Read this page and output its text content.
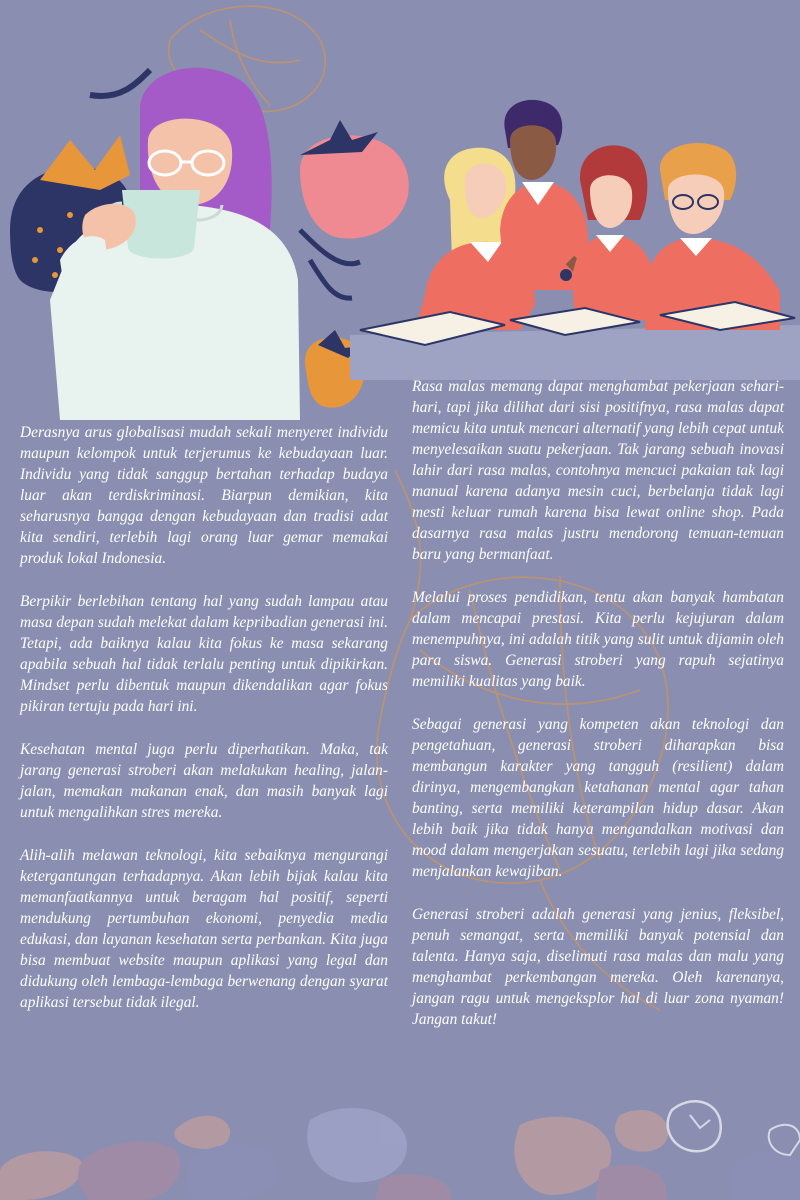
Derasnya arus globalisasi mudah sekali menyeret individu maupun kelompok untuk terjerumus ke kebudayaan luar. Individu yang tidak sanggup bertahan terhadap budaya luar akan terdiskriminasi. Biarpun demikian, kita seharusnya bangga dengan kebudayaan dan tradisi adat kita sendiri, terlebih lagi orang luar gemar memakai produk lokal Indonesia.

Berpikir berlebihan tentang hal yang sudah lampau atau masa depan sudah melekat dalam kepribadian generasi ini. Tetapi, ada baiknya kalau kita fokus ke masa sekarang apabila sebuah hal tidak terlalu penting untuk dipikirkan. Mindset perlu dibentuk maupun dikendalikan agar fokus pikiran tertuju pada hari ini.

Kesehatan mental juga perlu diperhatikan. Maka, tak jarang generasi stroberi akan melakukan healing, jalan-jalan, memakan makanan enak, dan masih banyak lagi untuk mengalihkan stres mereka.

Alih-alih melawan teknologi, kita sebaiknya mengurangi ketergantungan terhadapnya. Akan lebih bijak kalau kita memanfaatkannya untuk beragam hal positif, seperti mendukung pertumbuhan ekonomi, penyedia media edukasi, dan layanan kesehatan serta perbankan. Kita juga bisa membuat website maupun aplikasi yang legal dan didukung oleh lembaga-lembaga berwenang dengan syarat aplikasi tersebut tidak ilegal.

Rasa malas memang dapat menghambat pekerjaan sehari-hari, tapi jika dilihat dari sisi positifnya, rasa malas dapat memicu kita untuk mencari alternatif yang lebih cepat untuk menyelesaikan suatu pekerjaan. Tak jarang sebuah inovasi lahir dari rasa malas, contohnya mencuci pakaian tak lagi manual karena adanya mesin cuci, berbelanja tidak lagi mesti keluar rumah karena bisa lewat online shop. Pada dasarnya rasa malas justru mendorong temuan-temuan baru yang bermanfaat.

Melalui proses pendidikan, tentu akan banyak hambatan dalam mencapai prestasi. Kita perlu kejujuran dalam menempuhnya, ini adalah titik yang sulit untuk dijamin oleh para siswa. Generasi stroberi yang rapuh sejatinya memiliki kualitas yang baik.

Sebagai generasi yang kompeten akan teknologi dan pengetahuan, generasi stroberi diharapkan bisa membangun karakter yang tangguh (resilient) dalam dirinya, mengembangkan ketahanan mental agar tahan banting, serta memiliki keterampilan hidup dasar. Akan lebih baik jika tidak hanya mengandalkan motivasi dan mood dalam mengerjakan sesuatu, terlebih lagi jika sedang menjalankan kewajiban.

Generasi stroberi adalah generasi yang jenius, fleksibel, penuh semangat, serta memiliki banyak potensial dan talenta. Hanya saja, diselimuti rasa malas dan malu yang menghambat perkembangan mereka. Oleh karenanya, jangan ragu untuk mengeksplor hal di luar zona nyaman! Jangan takut!
